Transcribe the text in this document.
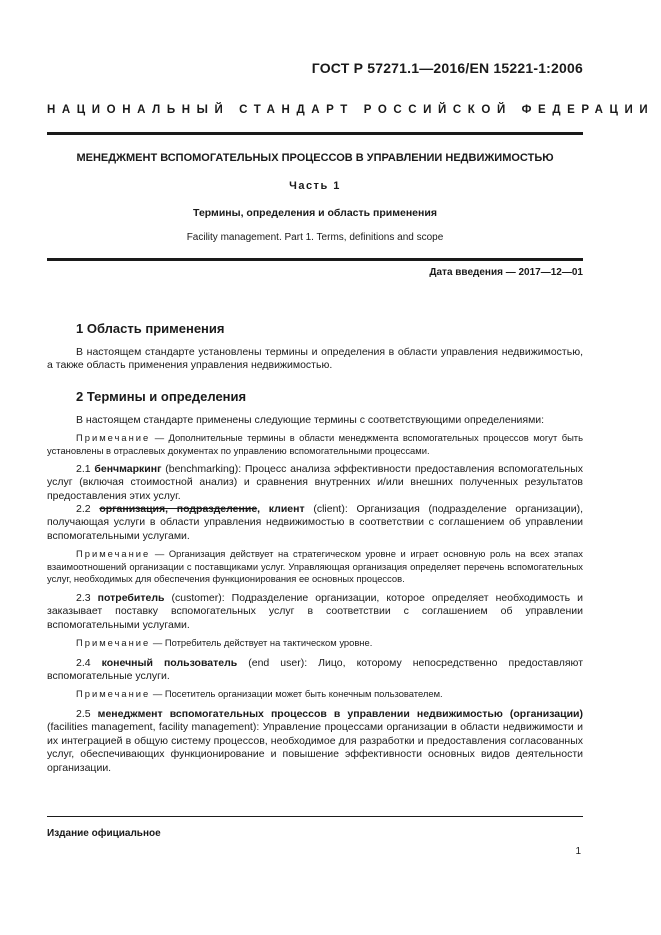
ГОСТ Р 57271.1—2016/EN 15221-1:2006
НАЦИОНАЛЬНЫЙ СТАНДАРТ РОССИЙСКОЙ ФЕДЕРАЦИИ
МЕНЕДЖМЕНТ ВСПОМОГАТЕЛЬНЫХ ПРОЦЕССОВ В УПРАВЛЕНИИ НЕДВИЖИМОСТЬЮ
Часть 1
Термины, определения и область применения
Facility management. Part 1. Terms, definitions and scope
Дата введения — 2017—12—01
1 Область применения
В настоящем стандарте установлены термины и определения в области управления недвижимостью, а также область применения управления недвижимостью.
2 Термины и определения
В настоящем стандарте применены следующие термины с соответствующими определениями:
Примечание — Дополнительные термины в области менеджмента вспомогательных процессов могут быть установлены в отраслевых документах по управлению вспомогательными процессами.
2.1 бенчмаркинг (benchmarking): Процесс анализа эффективности предоставления вспомогательных услуг (включая стоимостной анализ) и сравнения внутренних и/или внешних полученных результатов предоставления этих услуг.
2.2 организация, подразделение, клиент (client): Организация (подразделение организации), получающая услуги в области управления недвижимостью в соответствии с соглашением об управлении вспомогательными услугами.
Примечание — Организация действует на стратегическом уровне и играет основную роль на всех этапах взаимоотношений организации с поставщиками услуг. Управляющая организация определяет перечень вспомогательных услуг, необходимых для обеспечения функционирования ее основных процессов.
2.3 потребитель (customer): Подразделение организации, которое определяет необходимость и заказывает поставку вспомогательных услуг в соответствии с соглашением об управлении вспомогательными услугами.
Примечание — Потребитель действует на тактическом уровне.
2.4 конечный пользователь (end user): Лицо, которому непосредственно предоставляют вспомогательные услуги.
Примечание — Посетитель организации может быть конечным пользователем.
2.5 менеджмент вспомогательных процессов в управлении недвижимостью (организации) (facilities management, facility management): Управление процессами организации в области недвижимости и их интеграцией в общую систему процессов, необходимое для разработки и предоставления согласованных услуг, обеспечивающих функционирование и повышение эффективности основных видов деятельности организации.
Издание официальное
1
